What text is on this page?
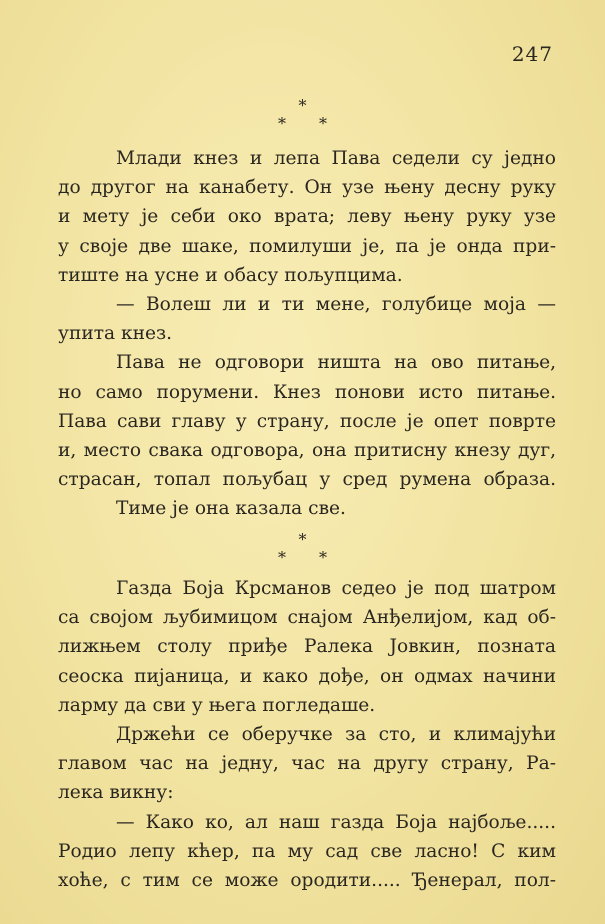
247
*
* *
Млади кнез и лепа Пава седели су једно
до другог на канабету. Он узе њену десну руку
и мету је себи око врата; леву њену руку узе
у своје две шаке, помилуши је, па је онда при-
тиште на усне и обасу пољупцима.
— Волеш ли и ти мене, голубице моја —
упита кнез.
Пава не одговори ништа на ово питање,
но само порумени. Кнез понови исто питање.
Пава сави главу у страну, после је опет поврте
и, место свака одговора, она притисну кнезу дуг,
страсан, топал пољубац у сред румена образа.
Тиме је она казала све.
*
* *
Газда Боја Крсманов седео је под шатром
са својом љубимицом снајом Анђелијом, кад об-
лижњем столу приђе Ралека Јовкин, позната
сеоска пијаница, и како дође, он одмах начини
ларму да сви у њега погледаше.
Држећи се оберучке за сто, и климајући
главом час на једну, час на другу страну, Ра-
лека викну:
— Како ко, ал наш газда Боја најбоље.....
Родио лепу кћер, па му сад све ласно! С ким
хоће, с тим се може ородити..... Ђенерал, пол-
